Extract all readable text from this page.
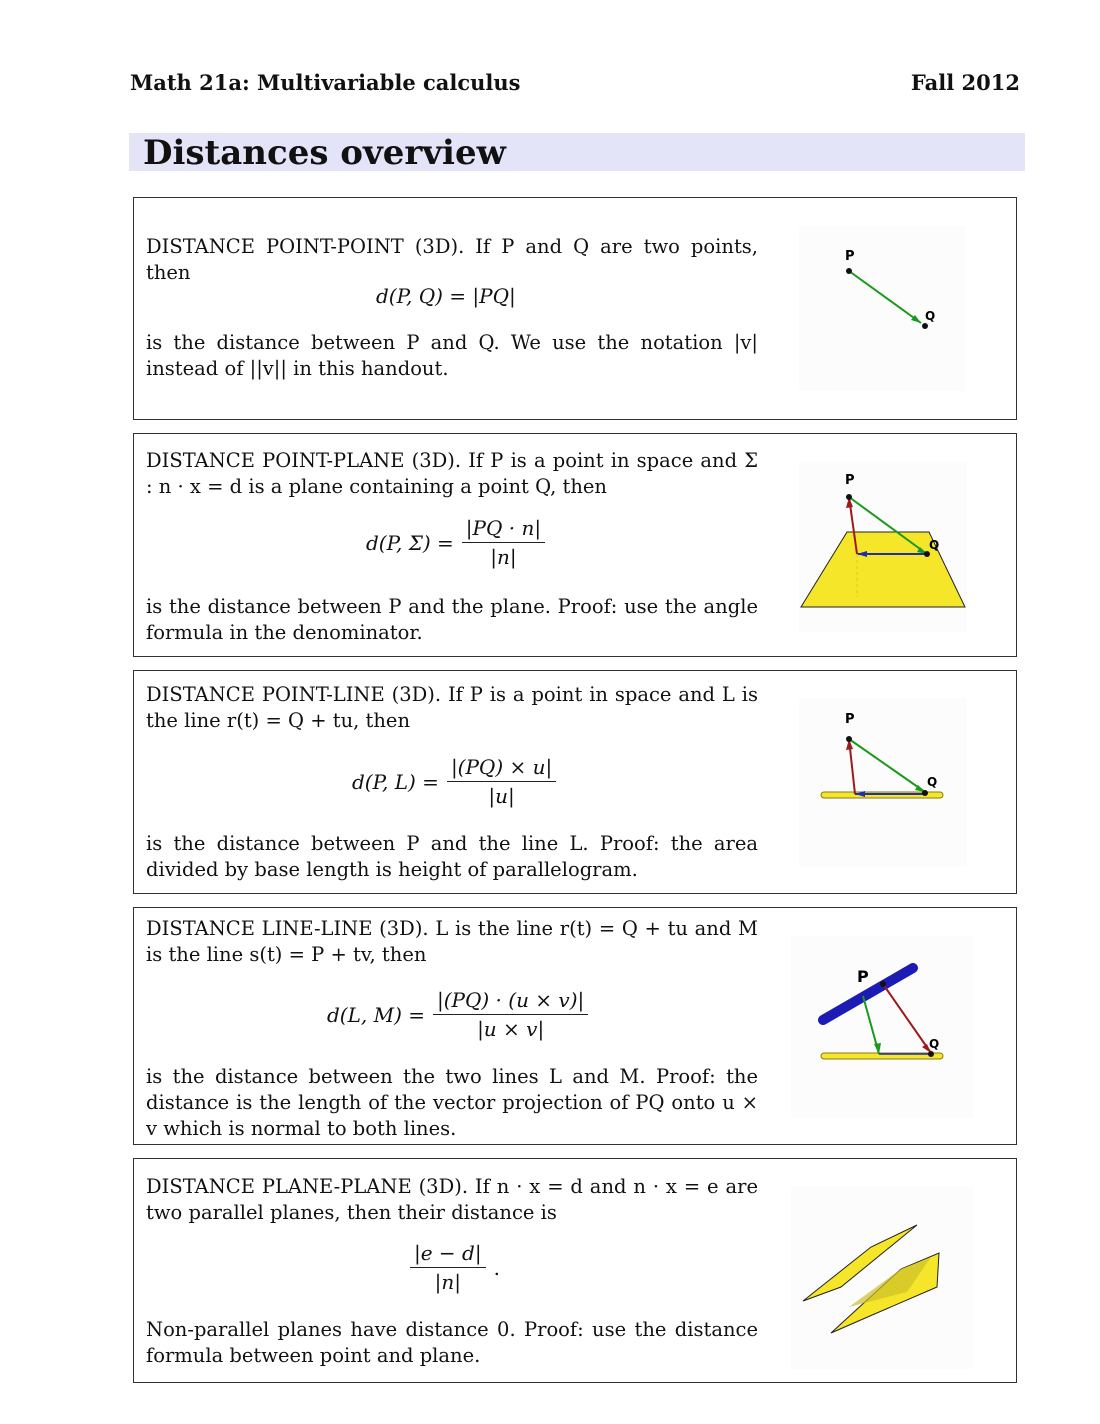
Math 21a: Multivariable calculus	Fall 2012
Distances overview
DISTANCE POINT-POINT (3D). If P and Q are two points, then
d(P, Q) = |PQ|
is the distance between P and Q. We use the notation |v| instead of ||v|| in this handout.
P
Q
DISTANCE POINT-PLANE (3D). If P is a point in space and Σ : n · x = d is a plane containing a point Q, then
d(P, $\Sigma) = \frac{|PQ \cdot n|}{|n|}$
is the distance between P and the plane. Proof: use the angle formula in the denominator.
P
Q
DISTANCE POINT-LINE (3D). If P is a point in space and L is the line r(t) = Q + tu, then
d(P, $L) = \frac{|(PQ) \times u|}{|u|}$
is the distance between P and the line L. Proof: the area divided by base length is height of parallelogram.
P
Q
DISTANCE LINE-LINE (3D). L is the line r(t) = Q + tu and M is the line s(t) = P + tv, then
d(L, $M) = \frac{|(PQ) \cdot (u \times v)|}{|u \times v|}$
is the distance between the two lines L and M. Proof: the distance is the length of the vector projection of PQ onto u × v which is normal to both lines.
P
Q
DISTANCE PLANE-PLANE (3D). If n · x = d and n · x = e are two parallel planes, then their distance is
$\frac{|e - d|}{|n|}$ .
Non-parallel planes have distance 0. Proof: use the distance formula between point and plane.
